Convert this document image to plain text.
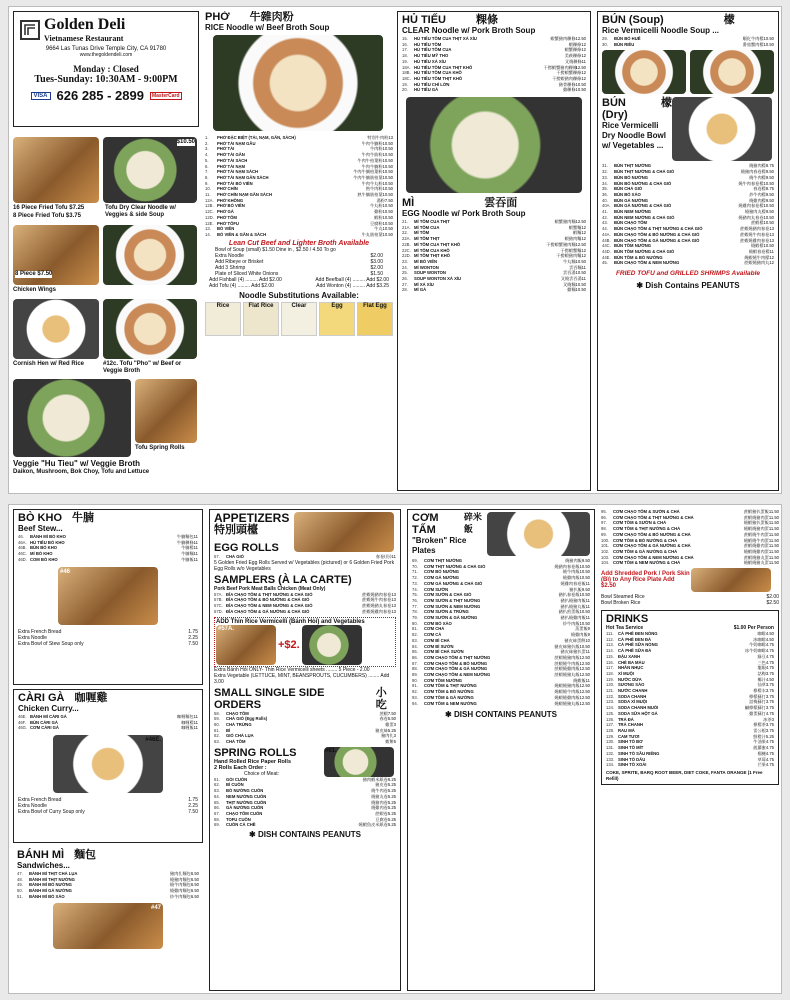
Golden Deli
Vietnamese Restaurant
9664 Las Tunas Drive Temple City, CA 91780
www.thegoldendeli.com
Monday : Closed
Tues-Sunday: 10:30AM - 9:00PM
VISA 626 285 - 2899	MasterCard
$10.50
16 Piece Fried Tofu $7.25
8 Piece Fried Tofu $3.75
Tofu Dry Clear Noodle w/ Veggies & side Soup
8 Piece $7.50
Chicken Wings
Cornish Hen w/ Red Rice	#12c. Tofu "Pho" w/ Beef or Veggie Broth
Tofu Spring Rolls
Veggie "Hu Tieu" w/ Veggie Broth
Daikon, Mushroom, Bok Choy, Tofu and Lettuce
PHỞ 牛雜肉粉
RICE Noodle w/ Beef Broth Soup
1.	PHỞ ĐẶC BIỆT (TÁI, NẠM, GÂN, SÁCH)	特別牛肉粉 13
2.	PHỞ TÁI NẠM GẦU	牛肉牛腩粉 10.50
3.	PHỞ TÁI	牛肉粉 10.50
4.	PHỞ TÁI GÂN	牛肉牛筋粉 10.50
5.	PHỞ TÁI SÁCH	牛肉牛柏葉粉 10.50
6.	PHỞ TÁI NẠM	牛肉牛腩粉 10.50
7.	PHỞ TÁI NẠM SÁCH	牛肉牛腩柏葉粉 10.50
8.	PHỞ TÁI NẠM GÂN SÁCH	牛肉牛腩筋柏葉 10.50
9.	PHỞ TÁI BÒ VIÊN	牛肉牛丸粉 10.50
10.	PHỞ CHÍN	熟牛肉粉 10.50
11.	PHỞ CHÍN NẠM GÂN SÁCH	熟牛腩筋柏葉 10.50
12A. PHỞ KHÔNG	湯粉 7.50
12B. PHỞ BÒ VIÊN	牛丸粉 10.50
12C. PHỞ GÀ	雞粉 10.50
12D. PHỞ TÔM	蝦粉 10.50
12E. PHỞ TÔFU	豆腐粉 10.50
13.	BÒ VIÊN	牛丸 10.50
14.	BÒ VIÊN & GÂN & SÁCH	牛丸筋柏葉 10.50
Lean Cut Beef and Lighter Broth Available
Bowl of Soup (small) $1.50 Dine in , $2.50 / 4.50 To go
Extra Noodle	$2.00
Add Ribeye or Brisket	$3.00
Add 3 Shrimp	$2.00
Plate of Sliced White Onions	$1.50
Add Fishball (4) ......... Add $2.00	Add Beefball (4) ......... Add $2.00
Add Tofu (4) ......... Add $2.00	Add Wonton (4) ......... Add $3.25
Noodle Substitutions Available:
Rice	Flat Rice	Clear	Egg	Flat Egg
HỦ TIẾU	粿條
CLEAR Noodle w/ Pork Broth Soup
15.	HỦ TIẾU TÔM CUA THỊT XÁ XÍU	蝦蟹豬肉粿條 12.50
16.	HỦ TIẾU TÔM	蝦粿條 12
17.	HỦ TIẾU TÔM CUA	蝦蟹粿條 12
18.	HỦ TIẾU MỸ THO	美萩粿條 12
19.	HỦ TIẾU XÁ XÍU	叉燒粿條 11
18A. HỦ TIẾU TÔM CUA THỊT KHÔ	干撈蝦蟹豬肉粿條
12.50
18B. HỦ TIẾU TÔM CUA KHÔ	干撈蝦蟹粿條 12
18C. HỦ TIẾU TÔM THỊT KHÔ	干撈蝦豬肉粿條 12
19.	HỦ TIẾU CHÍ LỚN	豬骨粿條 10.50
20.	HỦ TIẾU GÀ	雞粿條 10.50
MÌ	雲吞面
EGG Noodle w/ Pork Broth Soup
21.	MÌ TÔM CUA THỊT	蝦蟹豬肉麵 12.50
21A. MÌ TÔM CUA	蝦蟹麵 12
22.	MÌ TÔM	蝦麵 12
22A. MÌ TÔM THỊT	蝦豬肉麵 12
22B. MÌ TÔM CUA THỊT KHÔ	干撈蝦蟹豬肉麵 12.50
22C. MÌ TÔM CUA KHÔ	干撈蝦蟹麵 12
22D. MÌ TÔM THỊT KHÔ	干撈蝦豬肉麵 12
23.	MÌ BÒ VIÊN	牛丸麵 10.50
24.	MÌ WONTON	雲吞麵 11
25.	SOUP WONTON	雲吞湯 10.50
26.	SOUP WONTON XÁ XÍU	叉燒雲吞湯 11
27.	MÌ XÁ XÍU	叉燒麵 10.50
28.	MÌ GÀ	雞麵 10.50
BÚN (Soup)	檬
Rice Vermicelli Noodle Soup ...
29.	BÚN BÒ HUẾ	順化牛肉檬 10.50
30.	BÚN RIÊU	番茄蟹肉檬 10.50
BÚN (Dry)
檬
Rice Vermicelli Dry Noodle Bowl w/ Vegetables ...
31.	BÚN THỊT NƯỚNG	燒豬肉檬 8.75
32.	BÚN THỊT NƯỚNG & CHẢ GIÒ	燒豬肉春卷檬 9.50
33.	BÚN BÒ NƯỚNG	燒牛肉檬 9.50
34.	BÚN BÒ NƯỚNG & CHẢ GIÒ	燒牛肉春卷檬 10.50
35.	BÚN CHẢ GIÒ	春卷檬 8.75
36.	BÚN BÒ XÀO	炒牛肉檬 9.50
40.	BÚN GÀ NƯỚNG	燒雞肉檬 9.50
40A. BÚN GÀ NƯỚNG & CHẢ GIÒ	燒雞肉春卷檬 10.50
41.	BÚN NEM NƯỚNG	燒豬肉丸檬 9.50
42.	BÚN NEM NƯỚNG & CHẢ GIÒ	燒豬肉丸春卷 10.50
43.	BÚN CHẠO TÔM	蔗蝦檬 10.50
44.	BÚN CHẠO TÔM & THỊT NƯỚNG & CHẢ GIÒ	蔗蝦燒豬肉春卷 13
44A. BÚN CHẠO TÔM & BÒ NƯỚNG & CHẢ GIÒ	蔗蝦燒牛肉春卷 13
44B. BÚN CHẠO TÔM & GÀ NƯỚNG & CHẢ GIÒ	蔗蝦燒雞肉春卷 13
44C. BÚN TÔM NƯỚNG	燒蝦檬 10.50
44D. BÚN TÔM NƯỚNG & CHẢ GIÒ	燒蝦春卷檬 11
44E. BÚN TÔM & BÒ NƯỚNG	燒蝦燒牛肉檬 12
45.	BÚN CHẠO TÔM & NEM NƯỚNG	蔗蝦燒豬肉丸 12
FRIED TOFU and GRILLED SHRIMPS Available
✱ Dish Contains PEANUTS
BÒ KHO 牛腩
Beef Stew...
46.	BÁNH MÌ BÒ KHO	牛腩麵包 11
46A. HỦ TIẾU BÒ KHO	牛腩粿條 11
46B. BÚN BÒ KHO	牛腩檬 11
46C. MÌ BÒ KHO	牛腩麵 11
46D. COM BÒ KHO	牛腩飯 11
#46
Extra French Bread	1.75
Extra Noodle	2.25
Extra Bowl of Stew Soup only	7.50
CÀRI GÀ 咖喱雞
Chicken Curry...
46E. BÁNH MÌ CÀRI GÀ	咖喱麵包 11
46F. BÚN CÀRI GÀ	咖喱檬 11
46G. CƠM CÀRI GÀ	咖喱飯 11
#46E.
Extra French Bread	1.75
Extra Noodle	2.25
Extra Bowl of Curry Soup only	7.50
BÁNH MÌ 麵包
Sandwiches...
47.	BÁNH MÌ THỊT CHẢ LỤA	豬肉扎麵包 6.50
48.	BÁNH MÌ THỊT NƯỚNG	燒豬肉麵包 6.50
49.	BÁNH MÌ BÒ NƯỚNG	燒牛肉麵包 6.50
50.	BÁNH MÌ GÀ NƯỚNG	燒雞肉麵包 6.50
51.	BÁNH MÌ BÒ XÀO	炒牛肉麵包 6.50
#47
APPETIZERS
特別頭檯
EGG ROLLS
57.	CHẢ GIÒ	春卷(份) 11
5 Golden Fried Egg Rolls Served w/ Vegetables (pictured) or 6 Golden Fried Pork Egg Rolls w/o Vegetables
SAMPLERS (À LA CARTE)
Pork Beef Pork Meat Balls Chicken (Meat Only)
57A. ĐĨA CHẠO TÔM & THỊT NƯỚNG & CHẢ GIÒ	蔗蝦燒豬肉春卷 13
57B. ĐĨA CHẠO TÔM & BÒ NƯỚNG & CHẢ GIÒ	蔗蝦燒牛肉春卷 13
57C. ĐĨA CHẠO TÔM & NEM NƯỚNG & CHẢ GIÒ	蔗蝦燒豬丸春卷 13
57D. ĐĨA CHẠO TÔM & GÀ NƯỚNG & CHẢ GIÒ	蔗蝦燒雞肉春卷 13
ADD Thin Rice Vermicelli (Bánh Hỏi) and Vegetables
#57A.
+$2.
Extra Bánh Hỏi ONLY- Thin Rice Vermicelli sheets ........ 5 Piece - 2.00
Extra Vegetable (LETTUCE, MINT, BEANSPROUTS, CUCUMBERS) ........ Add 3.00
SMALL SINGLE SIDE ORDERS
小吃
58.	CHẠO TÔM	蔗蝦 7.50
59.	CHẢ GIÒ (Egg Rolls)	春卷 5.50
60.	CHẢ TRỨNG	雞蛋 3
61.	BÌ	豬皮絲 5.25
62.	GIÒ CHẢ LỤA	豬肉扎 3
63.	CHẢ TÔM	蝦餅 5
SPRING ROLLS
Hand Rolled Rice Paper Rolls
2 Rolls Each Order :
Choice of Meat:
#61.
61.	GỎI CUỐN	豬肉蝦米紙卷 6.25
62.	BÌ CUỐN	豬皮卷 5.25
63.	BÒ NƯỚNG CUỐN	燒牛肉卷 5.25
64.	NEM NƯỚNG CUỐN	燒豬丸卷 5.25
65.	THỊT NƯỚNG CUỐN	燒豬肉卷 5.25
66.	GÀ NƯỚNG CUỐN	燒雞肉卷 5.25
67.	CHẠO TÔM CUỐN	蔗蝦卷 5.25
68.	TOFU CUỐN	豆腐卷 5.25
69.	CUỐN CÁ CHÊ	燒蝦魚皮米紙卷 5.25
✱ DISH CONTAINS PEANUTS
CƠM TẤM
碎米飯
"Broken" Rice Plates
69.	CƠM THỊT NƯỚNG	燒豬肉飯 9.50
70.	CƠM THỊT NƯỚNG & CHẢ GIÒ	燒豬肉春卷飯 10.50
71.	CƠM BÒ NƯỚNG	燒牛肉飯 10.50
72.	CƠM GÀ NƯỚNG	燒雞肉飯 10.50
73.	CƠM GÀ NƯỚNG & CHẢ GIÒ	燒雞肉春卷飯 11
74.	CƠM SƯỜN	豬扒飯 9.50
75.	CƠM SƯỜN & CHẢ GIÒ	豬扒春卷飯 10.50
76.	CƠM SƯỜN & THỊT NƯỚNG	豬扒燒豬肉飯 11
77.	CƠM SƯỜN & NEM NƯỚNG	豬扒燒豬丸飯 11
78.	CƠM SƯỜN & TRỨNG	豬扒煎蛋飯 10.50
79.	CƠM SƯỜN & GÀ NƯỚNG	豬扒燒雞肉飯 11
80.	CƠM BÒ XÀO	炒牛肉飯 10.50
81.	CƠM CHẢ	蒸蛋飯 9
82.	CƠM CÁ	燒雞肉飯 9
83.	CƠM BÌ CHẢ	豬皮絲蛋餅 10
84.	CƠM BÌ SƯỜN	豬皮絲豬扒飯 10.50
85.	CƠM BÌ CHẢ SƯỜN	豬皮絲豬扒蛋 11
86.	CƠM CHẠO TÔM & THỊT NƯỚNG	蔗蝦燒豬肉飯 12.50
87.	CƠM CHẠO TÔM & BÒ NƯỚNG	蔗蝦燒牛肉飯 12.50
88.	CƠM CHẠO TÔM & GÀ NƯỚNG	蔗蝦燒雞肉飯 12.50
89.	CƠM CHẠO TÔM & NEM NƯỚNG	蔗蝦燒豬丸飯 12.50
90.	CƠM TÔM NƯỚNG	燒蝦飯 11
91.	CƠM TÔM & THỊT NƯỚNG	燒蝦燒豬肉飯 12.50
92.	CƠM TÔM & BÒ NƯỚNG	燒蝦燒牛肉飯 12.50
93.	CƠM TÔM & GÀ NƯỚNG	燒蝦燒雞肉飯 12.50
94.	CƠM TÔM & NEM NƯỚNG	燒蝦燒豬丸飯 12.50
✱ DISH CONTAINS PEANUTS
95.	CƠM CHẠO TÔM & SƯỜN & CHẢ	蔗蝦豬扒蛋飯 11.50
96.	CƠM CHẠO TÔM & THỊT NƯỚNG & CHẢ	蔗蝦燒豬肉蛋 11.50
97.	CƠM TÔM & SƯỜN & CHẢ	燒蝦豬扒蛋飯 11.50
98.	CƠM TÔM & THỊT NƯỚNG & CHẢ	燒蝦燒豬肉蛋 11.50
99.	CƠM CHẠO TÔM & BÒ NƯỚNG & CHẢ	蔗蝦燒牛肉蛋 11.50
100. CƠM TÔM & BÒ NƯỚNG & CHẢ	燒蝦燒牛肉蛋 11.50
101. CƠM CHẠO TÔM & GÀ NƯỚNG & CHẢ	蔗蝦燒雞肉蛋 11.50
102. CƠM TÔM & GÀ NƯỚNG & CHẢ	燒蝦燒雞肉蛋 11.50
103. CƠM CHẠO TÔM & NEM NƯỚNG & CHẢ	蔗蝦燒豬丸蛋 11.50
104. CƠM TÔM & NEM NƯỚNG & CHẢ	燒蝦燒豬丸蛋 11.50
Add Shredded Pork / Pork Skin (Bì) to Any Rice Plate Add $2.50
Bowl Steamed Rice	$2.00
Bowl Broken Rice	$2.50
DRINKS
Hot Tea Service	$1.00 Per Person
111.	CÀ PHÊ ĐEN NÓNG	咖啡 4.50
112. CÀ PHÊ ĐEN ĐÁ	冰咖啡 4.50
113. CÀ PHÊ SỮA NÓNG	牛奶咖啡 4.75
114. CÀ PHÊ SỮA ĐÁ	冰牛奶咖啡 4.75
115. ĐẬU XANH	綠豆 4.75
116. CHÈ BA MÀU	三色 4.75
117. NHÃN NHỤC	龍眼 4.75
118. XÍ MUỘI	話梅 3.75
119. NƯỚC DỪA	椰汁 4.50
120. SƯƠNG SÁO	仙草 3.75
121. NƯỚC CHANH	檸檬水 3.75
122. SODA CHANH	檸檬蘇打 3.75
123. SODA XÍ MUỘI	話梅蘇打 3.75
124. SODA CHANH MUỐI	鹹檸檬蘇打 3.75
125. SODA SỮA HỘT GÀ	雞蛋蘇打 4.75
126. TRÀ ĐÁ	冰茶 3
127. TRÀ CHANH	檸檬茶 3.75
128. RAU MÁ	雷公根 3.75
129. CAM TƯƠI	鮮橙汁 5.25
130. SINH TỐ BƠ	牛油果 4.75
131. SINH TỐ MÍT	菠蘿蜜 4.75
132. SINH TỐ SẦU RIÊNG	榴槤 4.75
133. SINH TỐ DÂU	草莓 4.75
134. SINH TỐ XOÀI	芒果 4.75
COKE, SPRITE, BARQ ROOT BEER, DIET COKE, FANTA ORANGE (1 Free Refill)
